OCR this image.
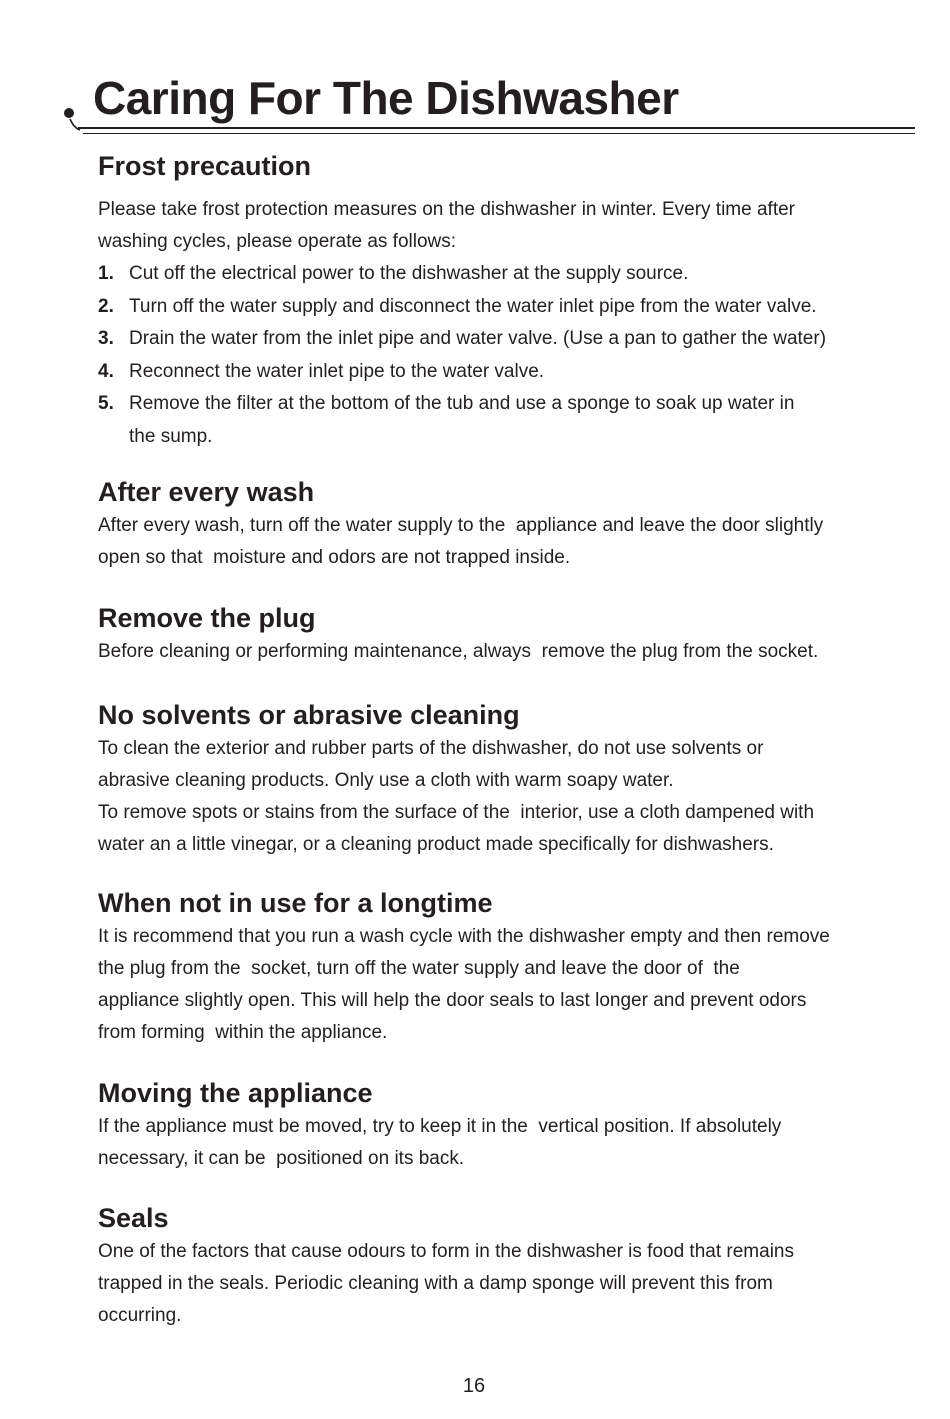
Caring For The Dishwasher
Frost precaution

Please take frost protection measures on the dishwasher in winter. Every time after

washing cycles, please operate as follows:

1. Cut off the electrical power to the dishwasher at the supply source.
2. Turn off the water supply and disconnect the water inlet pipe from the water valve.
3. Drain the water from the inlet pipe and water valve. (Use a pan to gather the water)
4. Reconnect the water inlet pipe to the water valve.
5. Remove the filter at the bottom of the tub and use a sponge to soak up water in
the sump.
After every wash

After every wash, turn off the water supply to the  appliance and leave the door slightly

open so that  moisture and odors are not trapped inside.

Remove the plug

Before cleaning or performing maintenance, always  remove the plug from the socket.

No solvents or abrasive cleaning

To clean the exterior and rubber parts of the dishwasher, do not use solvents or

abrasive cleaning products. Only use a cloth with warm soapy water.

To remove spots or stains from the surface of the  interior, use a cloth dampened with

water an a little vinegar, or a cleaning product made specifically for dishwashers.

When not in use for a longtime

It is recommend that you run a wash cycle with the dishwasher empty and then remove

the plug from the  socket, turn off the water supply and leave the door of  the

appliance slightly open. This will help the door seals to last longer and prevent odors

from forming  within the appliance.

Moving the appliance

If the appliance must be moved, try to keep it in the  vertical position. If absolutely

necessary, it can be  positioned on its back.

Seals

One of the factors that cause odours to form in the dishwasher is food that remains

trapped in the seals. Periodic cleaning with a damp sponge will prevent this from

occurring.

16
